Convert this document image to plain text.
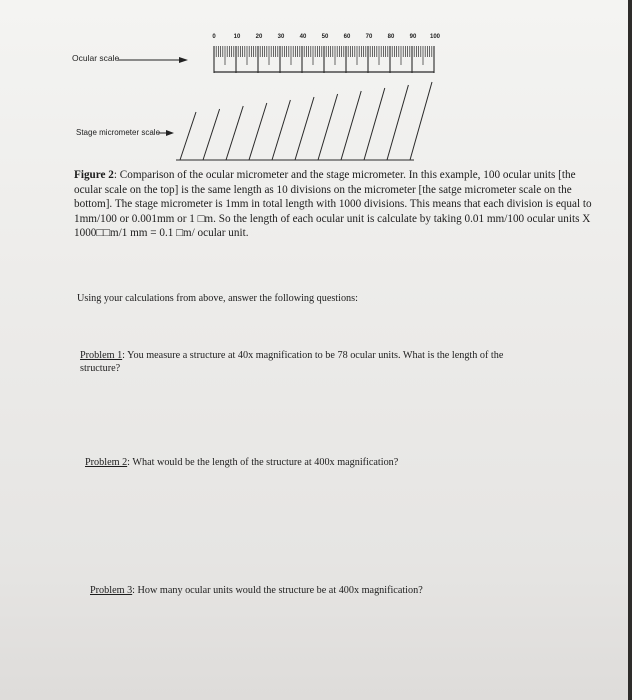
0	10	20	30	40	50	60	70	80	90 100
Ocular scale
Stage micrometer scale

Figure 2: Comparison of the ocular micrometer and the stage micrometer. In this example, 100 ocular units [the ocular scale on the top] is the same length as 10 divisions on the micrometer [the satge micrometer scale on the bottom]. The stage micrometer is 1mm in total length with 1000 divisions. This means that each division is equal to 1mm/100 or 0.001mm or 1 □m. So the length of each ocular unit is calculate by taking 0.01 mm/100 ocular units X 1000□□m/1 mm = 0.1 □m/ ocular unit.

Using your calculations from above, answer the following questions:

Problem 1: You measure a structure at 40x magnification to be 78 ocular units. What is the length of the structure?

Problem 2: What would be the length of the structure at 400x magnification?

Problem 3: How many ocular units would the structure be at 400x magnification?
